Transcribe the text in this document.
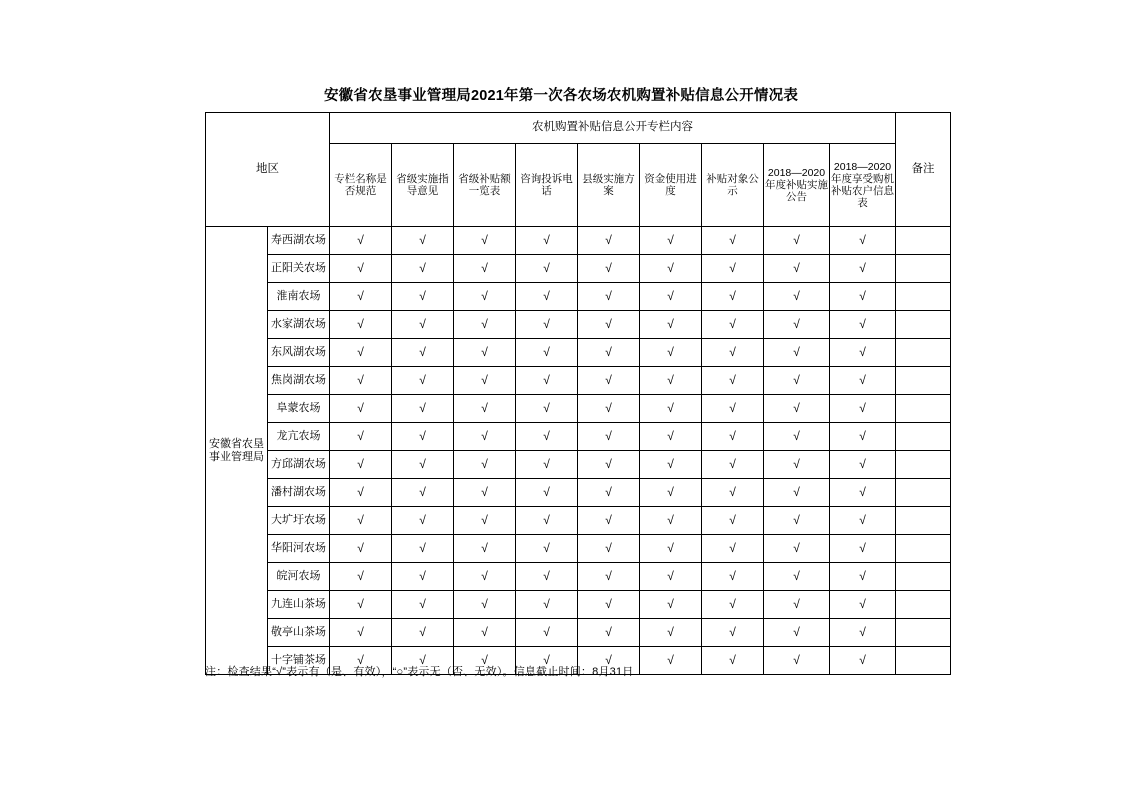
安徽省农垦事业管理局2021年第一次各农场农机购置补贴信息公开情况表
地区		农机购置补贴信息公开专栏内容									备注
		专栏名称是否规范	省级实施指导意见	省级补贴额一览表	咨询投诉电话	县级实施方案	资金使用进度	补贴对象公示	2018—2020年度补贴实施公告	2018—2020年度享受购机补贴农户信息表	
安徽省农垦事业管理局	寿西湖农场	√	√	√	√	√	√	√	√	√	
	正阳关农场	√	√	√	√	√	√	√	√	√	
	淮南农场	√	√	√	√	√	√	√	√	√	
	水家湖农场	√	√	√	√	√	√	√	√	√	
	东风湖农场	√	√	√	√	√	√	√	√	√	
	焦岗湖农场	√	√	√	√	√	√	√	√	√	
	阜蒙农场	√	√	√	√	√	√	√	√	√	
	龙亢农场	√	√	√	√	√	√	√	√	√	
	方邱湖农场	√	√	√	√	√	√	√	√	√	
	潘村湖农场	√	√	√	√	√	√	√	√	√	
	大圹圩农场	√	√	√	√	√	√	√	√	√	
	华阳河农场	√	√	√	√	√	√	√	√	√	
	皖河农场	√	√	√	√	√	√	√	√	√	
	九连山茶场	√	√	√	√	√	√	√	√	√	
	敬亭山茶场	√	√	√	√	√	√	√	√	√	
	十字铺茶场	√	√	√	√	√	√	√	√	√	
注：检查结果“√”表示有（是、有效），“○”表示无（否、无效）。信息截止时间：8月31日
